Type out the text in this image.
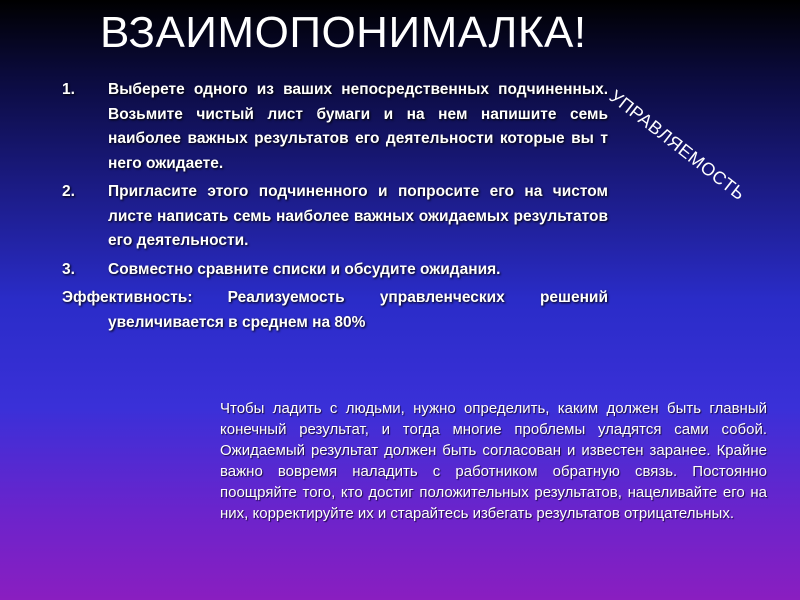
ВЗАИМОПОНИМАЛКА!
УПРАВЛЯЕМОСТЬ
1.	Выберете одного из ваших непосредственных подчиненных. Возьмите чистый лист бумаги и на нем напишите семь наиболее важных результатов его деятельности которые вы т него ожидаете.
2.	Пригласите этого подчиненного и попросите его на чистом листе написать семь наиболее важных ожидаемых результатов его деятельности.
3.	Совместно сравните списки и обсудите ожидания.
Эффективность: Реализуемость управленческих решений увеличивается в среднем на 80%
Чтобы ладить с людьми, нужно определить, каким должен быть главный конечный результат, и тогда многие проблемы уладятся сами собой. Ожидаемый результат должен быть согласован и известен заранее. Крайне важно вовремя наладить с работником обратную связь. Постоянно поощряйте того, кто достиг положительных результатов, нацеливайте его на них, корректируйте их и старайтесь избегать результатов отрицательных.
